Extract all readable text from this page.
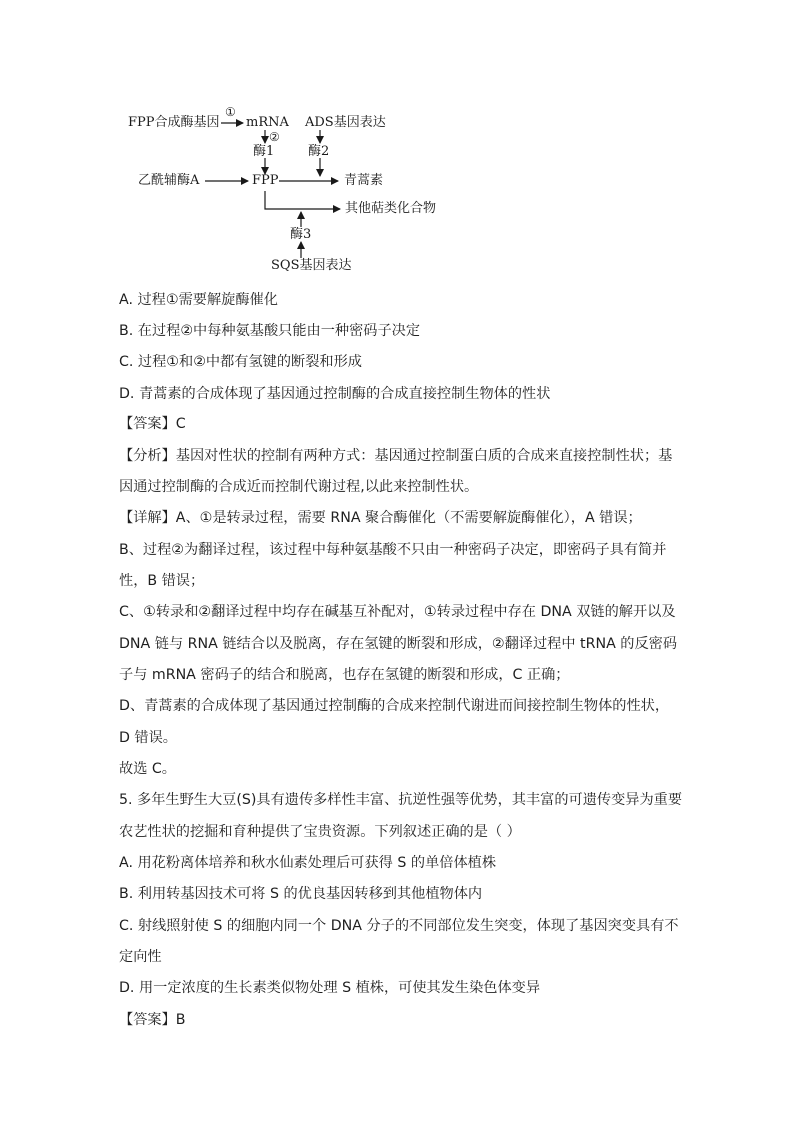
FPP合成酶基因
①
mRNA
②
ADS基因表达
酶1	酶2
乙酰辅酶A	FPP	青蒿素
其他萜类化合物
酶3
SQS基因表达
A. 过程①需要解旋酶催化
B. 在过程②中每种氨基酸只能由一种密码子决定
C. 过程①和②中都有氢键的断裂和形成
D. 青蒿素的合成体现了基因通过控制酶的合成直接控制生物体的性状
【答案】C
【分析】基因对性状的控制有两种方式：基因通过控制蛋白质的合成来直接控制性状；基
因通过控制酶的合成近而控制代谢过程,以此来控制性状。
【详解】A、①是转录过程，需要 RNA 聚合酶催化（不需要解旋酶催化），A 错误；
B、过程②为翻译过程，该过程中每种氨基酸不只由一种密码子决定，即密码子具有简并
性，B 错误；
C、①转录和②翻译过程中均存在碱基互补配对，①转录过程中存在 DNA 双链的解开以及
DNA 链与 RNA 链结合以及脱离，存在氢键的断裂和形成，②翻译过程中 tRNA 的反密码
子与 mRNA 密码子的结合和脱离，也存在氢键的断裂和形成，C 正确；
D、青蒿素的合成体现了基因通过控制酶的合成来控制代谢进而间接控制生物体的性状，
D 错误。
故选 C。
5. 多年生野生大豆(S)具有遗传多样性丰富、抗逆性强等优势，其丰富的可遗传变异为重要
农艺性状的挖掘和育种提供了宝贵资源。下列叙述正确的是（ ）
A. 用花粉离体培养和秋水仙素处理后可获得 S 的单倍体植株
B. 利用转基因技术可将 S 的优良基因转移到其他植物体内
C. 射线照射使 S 的细胞内同一个 DNA 分子的不同部位发生突变，体现了基因突变具有不
定向性
D. 用一定浓度的生长素类似物处理 S 植株，可使其发生染色体变异
【答案】B
